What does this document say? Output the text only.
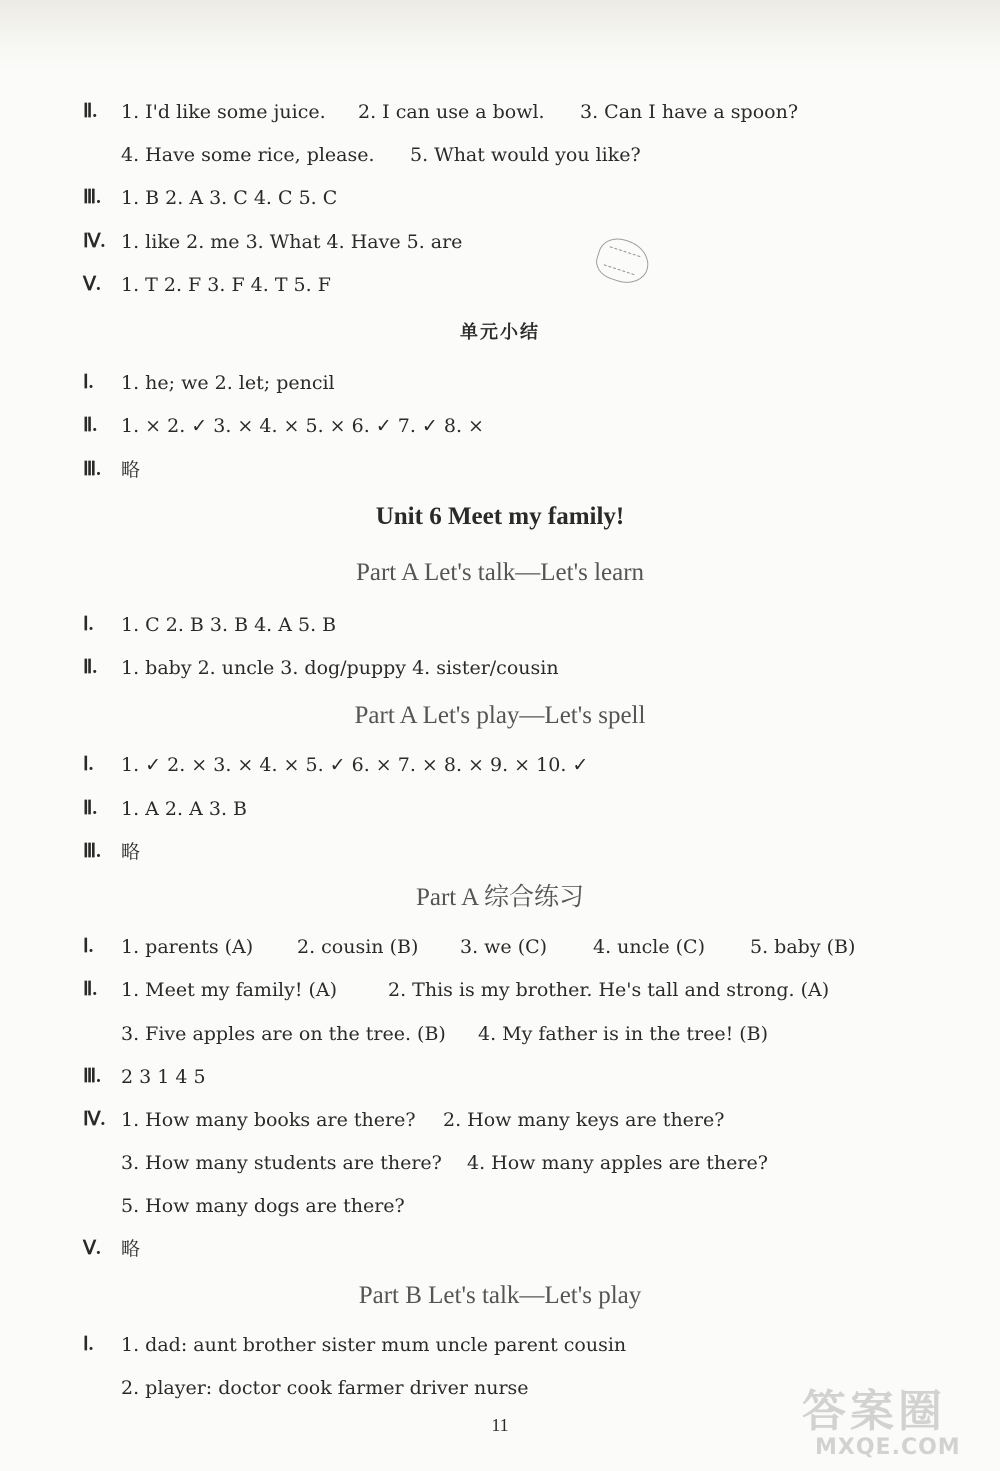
Ⅱ. 1. I'd like some juice. 2. I can use a bowl. 3. Can I have a spoon?
4. Have some rice, please. 5. What would you like?
Ⅲ. 1. B 2. A 3. C 4. C 5. C
Ⅳ. 1. like 2. me 3. What 4. Have 5. are
Ⅴ. 1. T 2. F 3. F 4. T 5. F
Ⅰ. 1. he; we 2. let; pencil
Ⅱ. 1. × 2. ✓ 3. × 4. × 5. × 6. ✓ 7. ✓ 8. ×
Ⅲ. 略
Ⅰ. 1. C 2. B 3. B 4. A 5. B
Ⅱ. 1. baby 2. uncle 3. dog/puppy 4. sister/cousin
Ⅰ. 1. ✓ 2. × 3. × 4. × 5. ✓ 6. × 7. × 8. × 9. × 10. ✓
Ⅱ. 1. A 2. A 3. B
Ⅲ. 略
Ⅰ. 1. parents (A) 2. cousin (B) 3. we (C) 4. uncle (C) 5. baby (B)
Ⅱ. 1. Meet my family! (A)	2. This is my brother. He's tall and strong. (A)
3. Five apples are on the tree. (B) 4. My father is in the tree! (B)
Ⅲ. 2 3 1 4 5
Ⅳ. 1. How many books are there? 2. How many keys are there?
3. How many students are there? 4. How many apples are there?
5. How many dogs are there?
Ⅴ. 略
Ⅰ. 1. dad: aunt brother sister mum uncle parent cousin
2. player: doctor cook farmer driver nurse
单元小结
Unit 6 Meet my family!
Part A Let's talk—Let's learn
Part A Let's play—Let's spell
Part A 综合练习
Part B Let's talk—Let's play
11	答案圈
MXQE.COM
